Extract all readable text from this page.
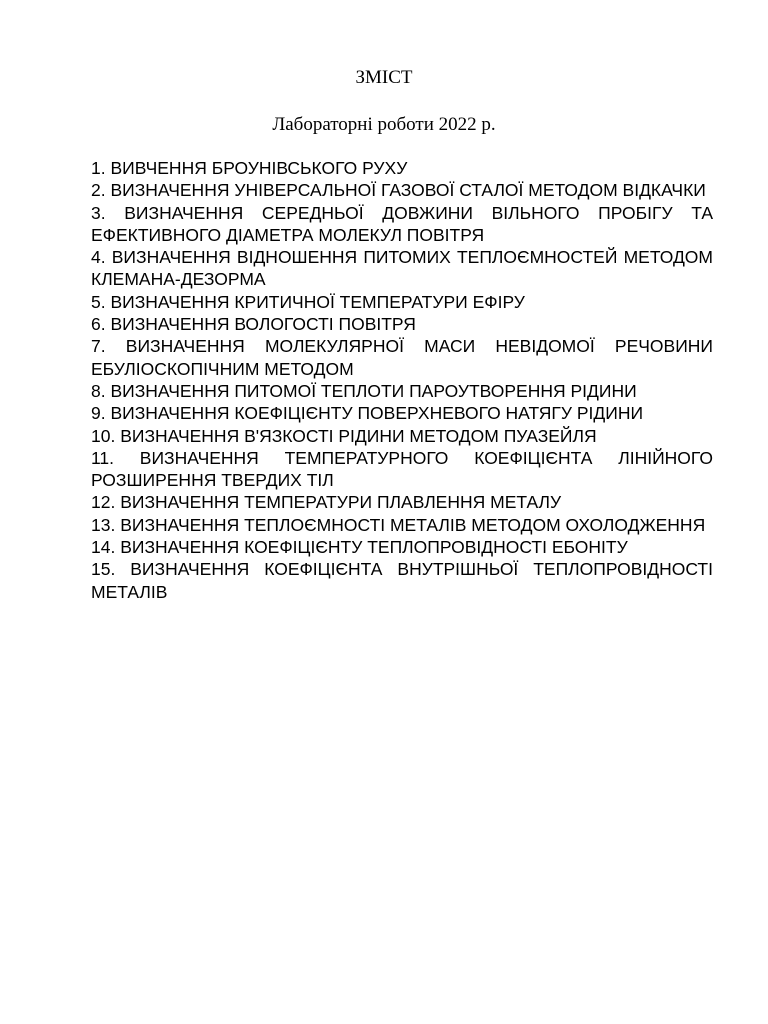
ЗМІСТ

Лабораторні роботи 2022 р.

1. ВИВЧЕННЯ БРОУНІВСЬКОГО РУХУ
2. ВИЗНАЧЕННЯ УНІВЕРСАЛЬНОЇ ГАЗОВОЇ СТАЛОЇ МЕТОДОМ ВІДКАЧКИ
3. ВИЗНАЧЕННЯ СЕРЕДНЬОЇ ДОВЖИНИ ВІЛЬНОГО ПРОБІГУ ТА ЕФЕКТИВНОГО ДІАМЕТРА МОЛЕКУЛ ПОВІТРЯ
4. ВИЗНАЧЕННЯ ВІДНОШЕННЯ ПИТОМИХ ТЕПЛОЄМНОСТЕЙ МЕТОДОМ КЛЕМАНА-ДЕЗОРМА
5. ВИЗНАЧЕННЯ КРИТИЧНОЇ ТЕМПЕРАТУРИ ЕФІРУ
6. ВИЗНАЧЕННЯ ВОЛОГОСТІ ПОВІТРЯ
7. ВИЗНАЧЕННЯ МОЛЕКУЛЯРНОЇ МАСИ НЕВІДОМОЇ РЕЧОВИНИ ЕБУЛІОСКОПІЧНИМ МЕТОДОМ
8. ВИЗНАЧЕННЯ ПИТОМОЇ ТЕПЛОТИ ПАРОУТВОРЕННЯ РІДИНИ
9. ВИЗНАЧЕННЯ КОЕФІЦІЄНТУ ПОВЕРХНЕВОГО НАТЯГУ РІДИНИ
10. ВИЗНАЧЕННЯ В'ЯЗКОСТІ РІДИНИ МЕТОДОМ ПУАЗЕЙЛЯ
11. ВИЗНАЧЕННЯ ТЕМПЕРАТУРНОГО КОЕФІЦІЄНТА ЛІНІЙНОГО РОЗШИРЕННЯ ТВЕРДИХ ТІЛ
12. ВИЗНАЧЕННЯ ТЕМПЕРАТУРИ ПЛАВЛЕННЯ МЕТАЛУ
13. ВИЗНАЧЕННЯ ТЕПЛОЄМНОСТІ МЕТАЛІВ МЕТОДОМ ОХОЛОДЖЕННЯ
14. ВИЗНАЧЕННЯ КОЕФІЦІЄНТУ ТЕПЛОПРОВІДНОСТІ ЕБОНІТУ
15. ВИЗНАЧЕННЯ КОЕФІЦІЄНТА ВНУТРІШНЬОЇ ТЕПЛОПРОВІДНОСТІ МЕТАЛІВ
